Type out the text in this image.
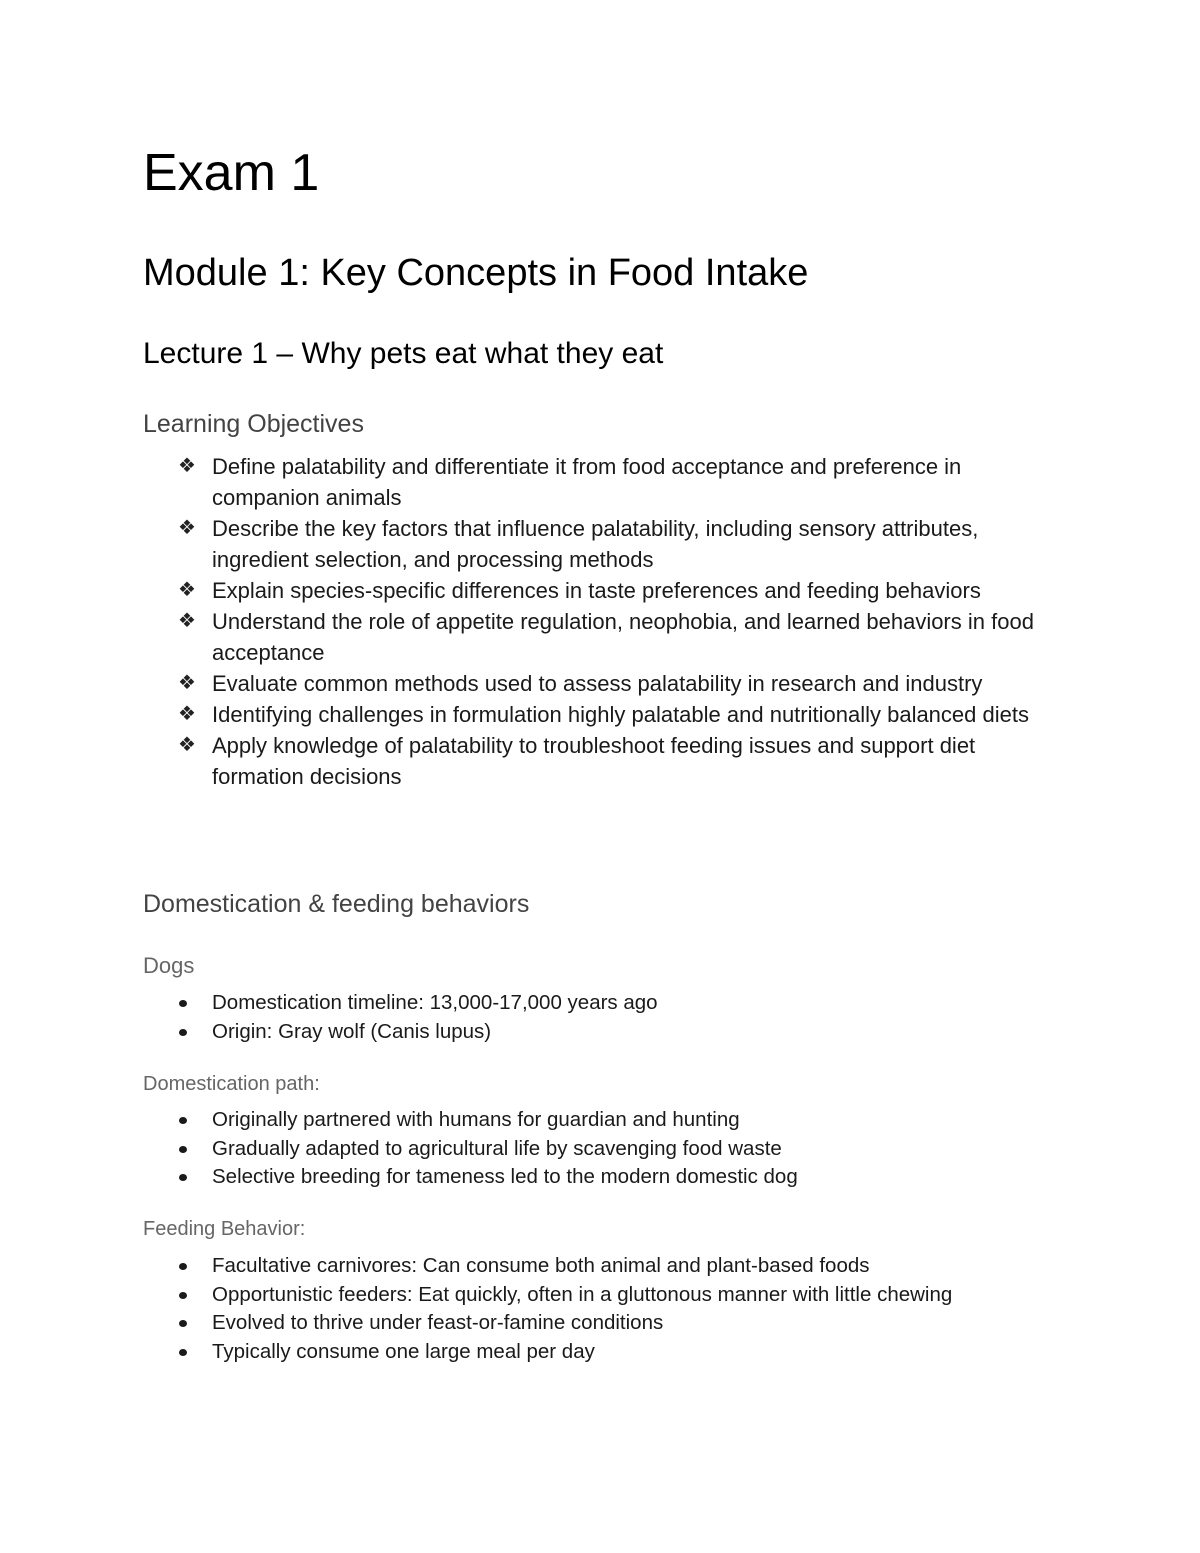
Exam 1
Module 1: Key Concepts in Food Intake
Lecture 1 – Why pets eat what they eat
Learning Objectives
❖ Define palatability and differentiate it from food acceptance and preference in companion animals
❖ Describe the key factors that influence palatability, including sensory attributes, ingredient selection, and processing methods
❖ Explain species-specific differences in taste preferences and feeding behaviors
❖ Understand the role of appetite regulation, neophobia, and learned behaviors in food acceptance
❖ Evaluate common methods used to assess palatability in research and industry
❖ Identifying challenges in formulation highly palatable and nutritionally balanced diets
❖ Apply knowledge of palatability to troubleshoot feeding issues and support diet formation decisions
Domestication & feeding behaviors
Dogs
Domestication timeline: 13,000-17,000 years ago
Origin: Gray wolf (Canis lupus)
Domestication path:
Originally partnered with humans for guardian and hunting
Gradually adapted to agricultural life by scavenging food waste
Selective breeding for tameness led to the modern domestic dog
Feeding Behavior:
Facultative carnivores: Can consume both animal and plant-based foods
Opportunistic feeders: Eat quickly, often in a gluttonous manner with little chewing
Evolved to thrive under feast-or-famine conditions
Typically consume one large meal per day
